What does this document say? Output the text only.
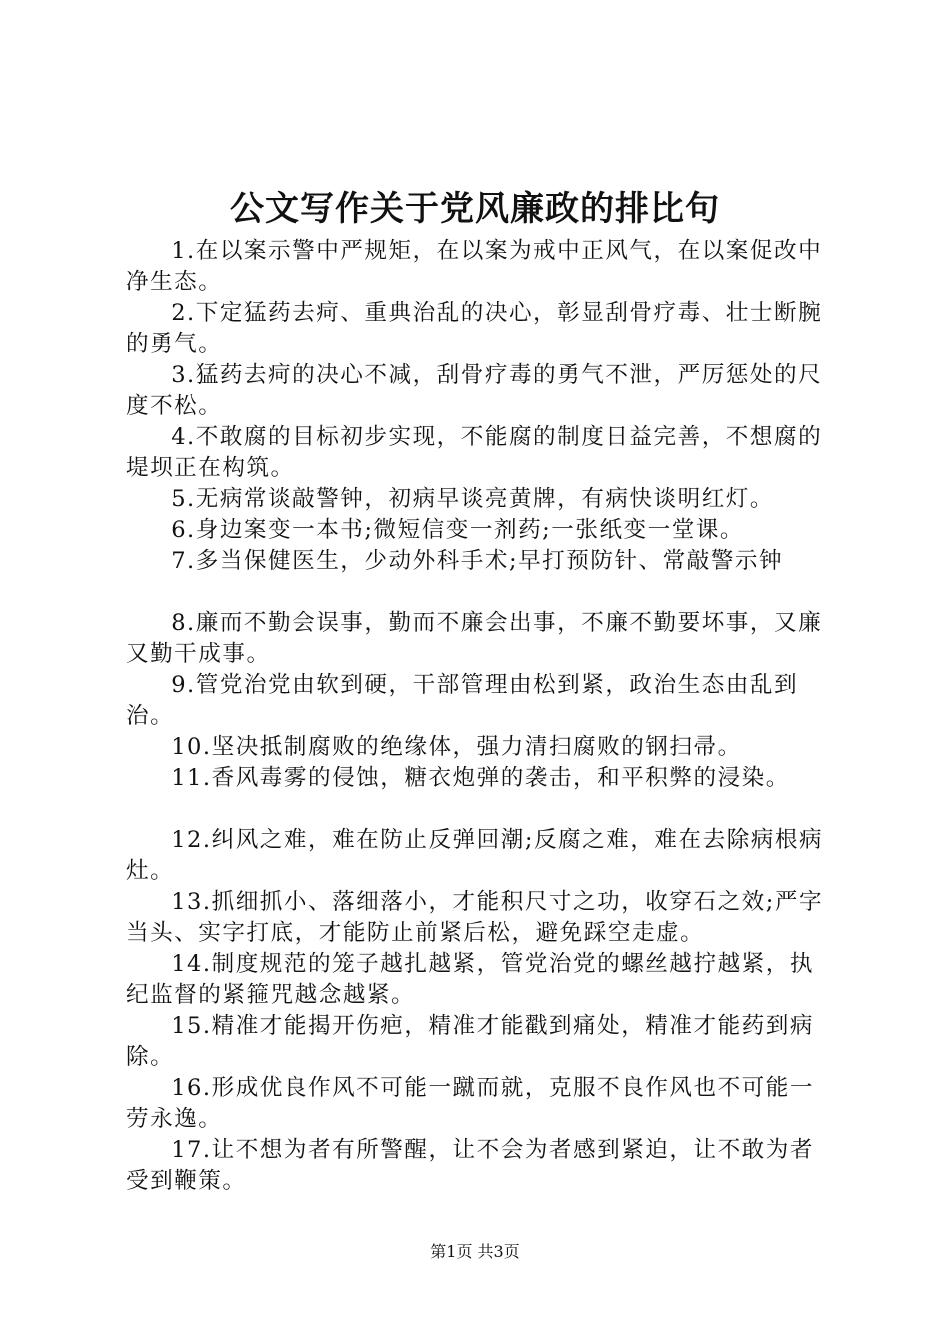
公文写作关于党风廉政的排比句

1.在以案示警中严规矩，在以案为戒中正风气，在以案促改中净生态。

2.下定猛药去疴、重典治乱的决心，彰显刮骨疗毒、壮士断腕的勇气。

3.猛药去疴的决心不减，刮骨疗毒的勇气不泄，严厉惩处的尺度不松。

4.不敢腐的目标初步实现，不能腐的制度日益完善，不想腐的堤坝正在构筑。

5.无病常谈敲警钟，初病早谈亮黄牌，有病快谈明红灯。

6.身边案变一本书;微短信变一剂药;一张纸变一堂课。

7.多当保健医生，少动外科手术;早打预防针、常敲警示钟

8.廉而不勤会误事，勤而不廉会出事，不廉不勤要坏事，又廉又勤干成事。

9.管党治党由软到硬，干部管理由松到紧，政治生态由乱到治。

10.坚决抵制腐败的绝缘体，强力清扫腐败的钢扫帚。

11.香风毒雾的侵蚀，糖衣炮弹的袭击，和平积弊的浸染。

12.纠风之难，难在防止反弹回潮;反腐之难，难在去除病根病灶。

13.抓细抓小、落细落小，才能积尺寸之功，收穿石之效;严字当头、实字打底，才能防止前紧后松，避免踩空走虚。

14.制度规范的笼子越扎越紧，管党治党的螺丝越拧越紧，执纪监督的紧箍咒越念越紧。

15.精准才能揭开伤疤，精准才能戳到痛处，精准才能药到病除。

16.形成优良作风不可能一蹴而就，克服不良作风也不可能一劳永逸。

17.让不想为者有所警醒，让不会为者感到紧迫，让不敢为者受到鞭策。

第1页 共3页
